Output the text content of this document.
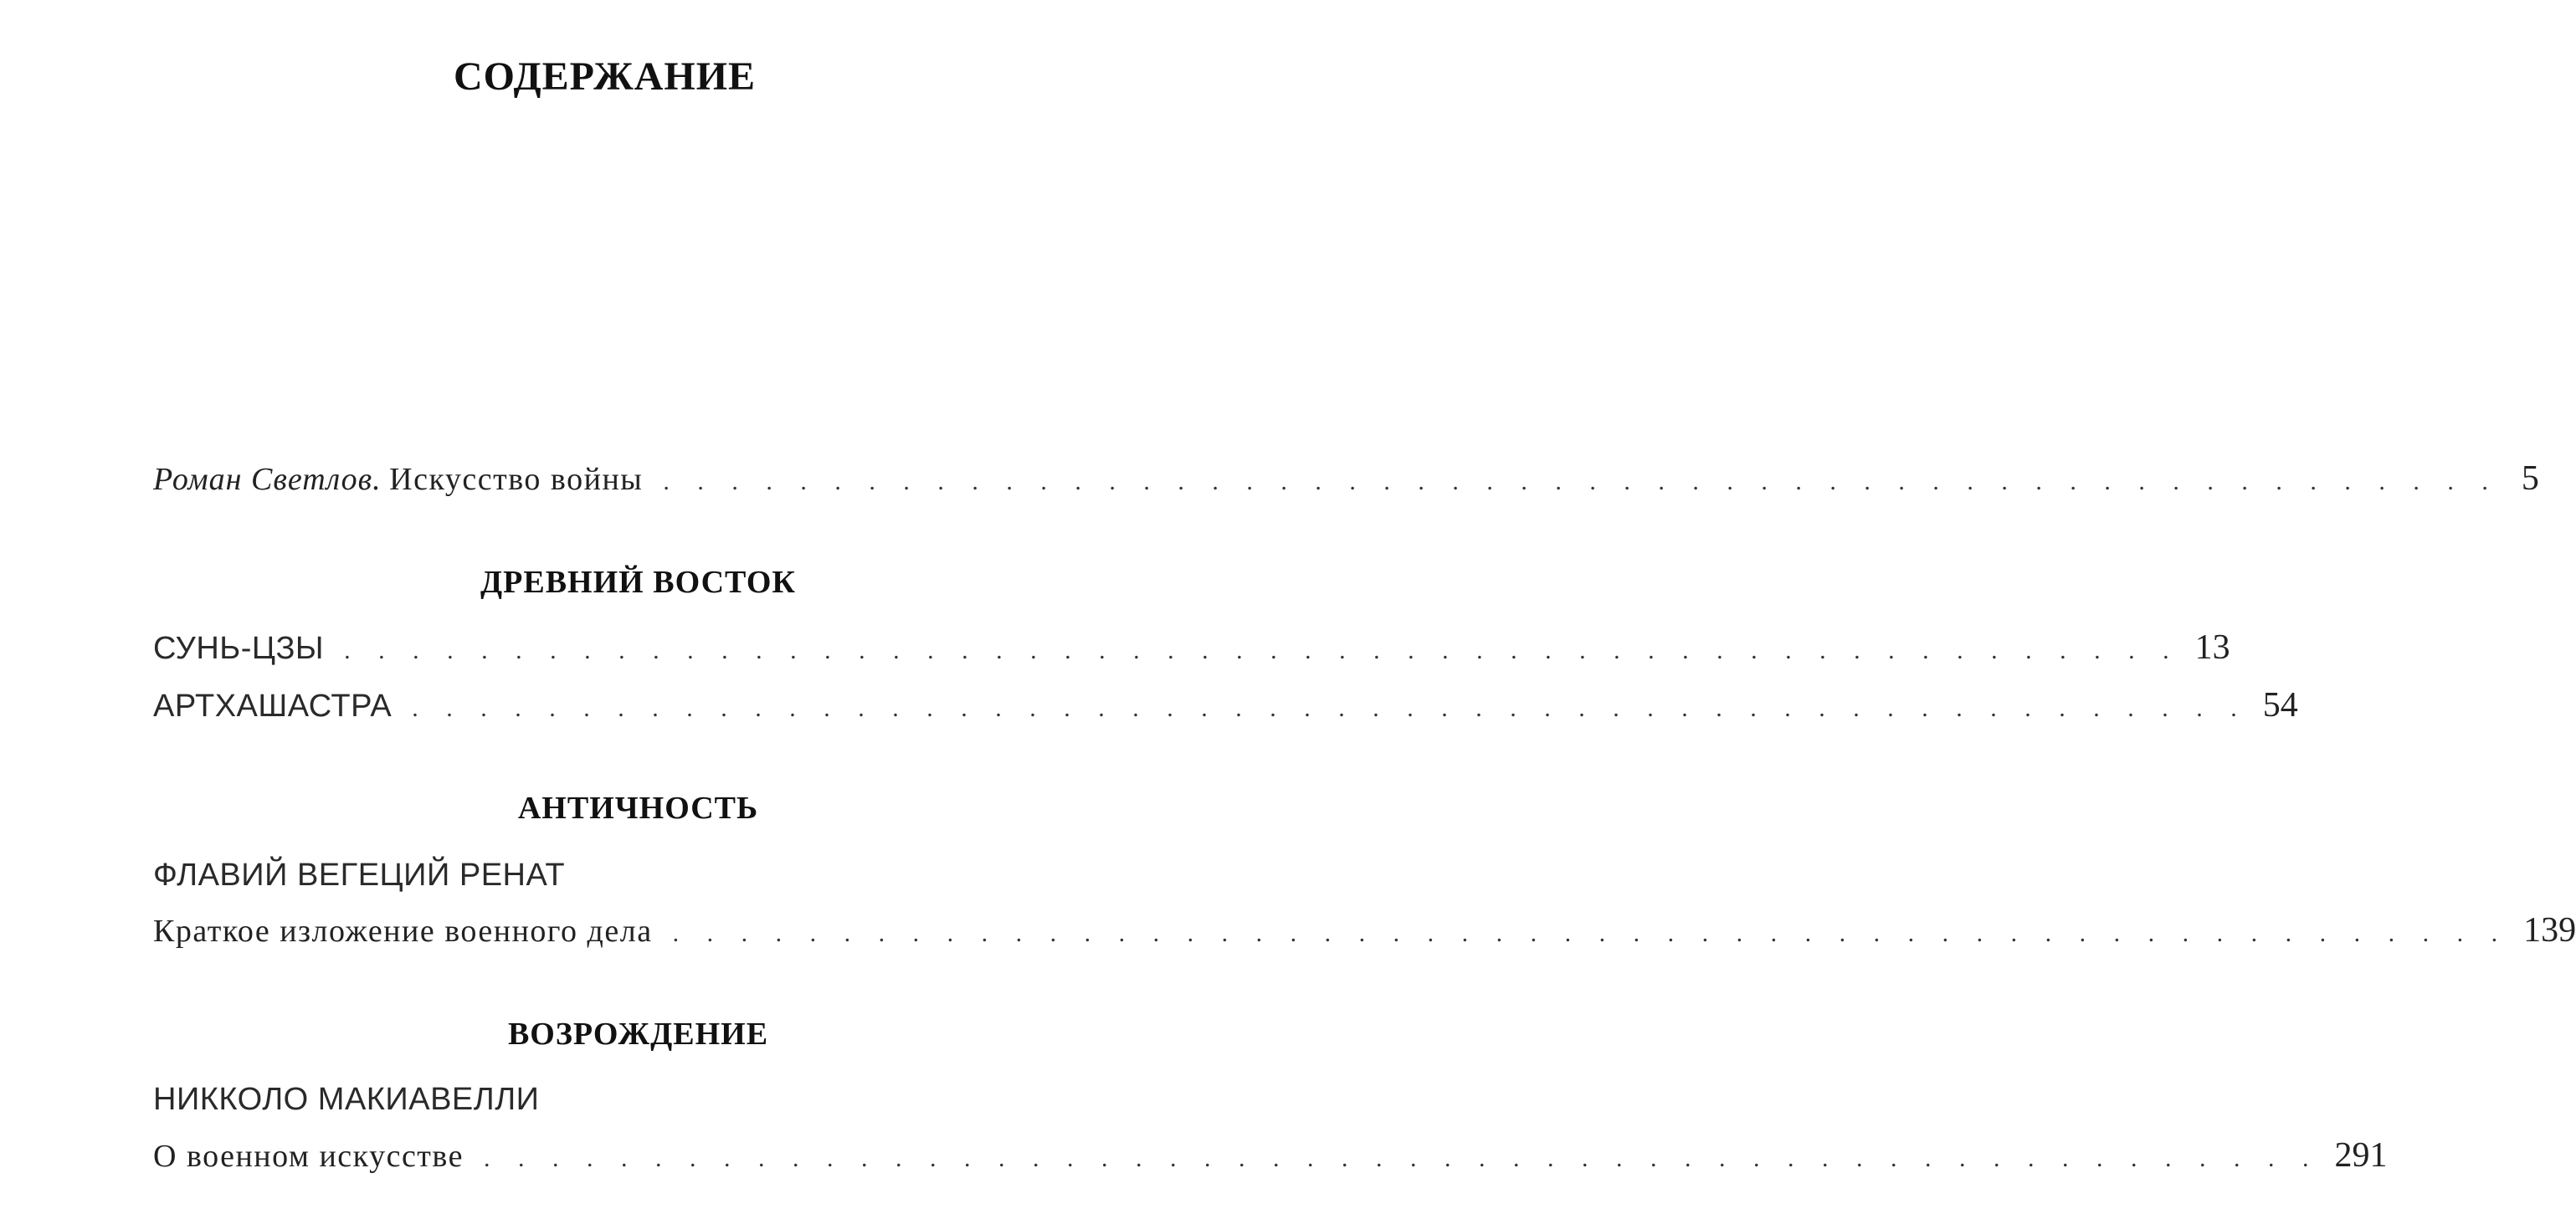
СОДЕРЖАНИЕ
Роман Светлов. Искусство войны . . . . . . . . . . . . . . . . . . . . . . . . . . . . . . . . . . . . . . . . . . . . . . . . . . . . . . 5
ДРЕВНИЙ ВОСТОК
СУНЬ-ЦЗЫ . . . . . . . . . . . . . . . . . . . . . . . . . . . . . . . . . . . . . . . . . . . . . . . . . . . . . . 13
АРТХАШАСТРА . . . . . . . . . . . . . . . . . . . . . . . . . . . . . . . . . . . . . . . . . . . . . . . . . . . . . . 54
АНТИЧНОСТЬ
ФЛАВИЙ ВЕГЕЦИЙ РЕНАТ
Краткое изложение военного дела . . . . . . . . . . . . . . . . . . . . . . . . . . . . . . . . . . . . . . . . . . . . . . . . . . . . . . 139
ВОЗРОЖДЕНИЕ
НИККОЛО МАКИАВЕЛЛИ
О военном искусстве . . . . . . . . . . . . . . . . . . . . . . . . . . . . . . . . . . . . . . . . . . . . . . . . . . . . . . 291
